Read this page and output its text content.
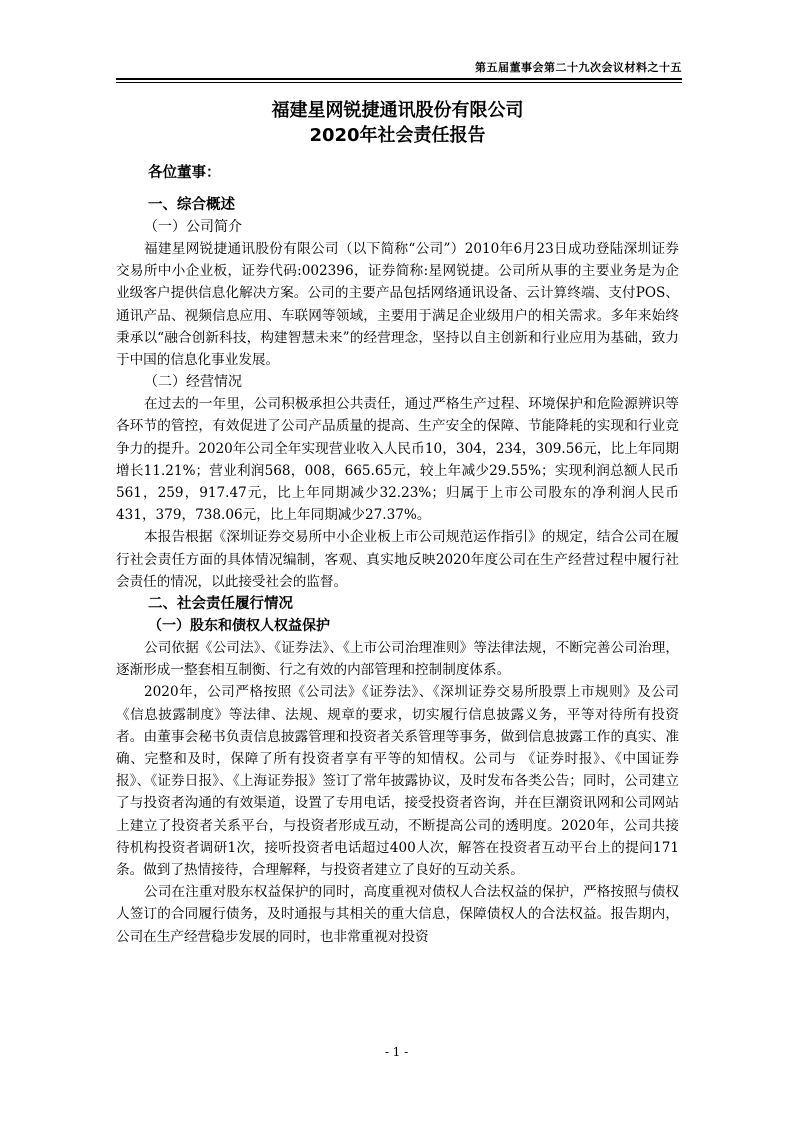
第五届董事会第二十九次会议材料之十五

福建星网锐捷通讯股份有限公司

2020年社会责任报告

各位董事：

一、综合概述

（一）公司简介

福建星网锐捷通讯股份有限公司（以下简称“公司”）2010年6月23日成功登陆深圳证券交易所中小企业板，证券代码:002396，证券简称:星网锐捷。公司所从事的主要业务是为企业级客户提供信息化解决方案。公司的主要产品包括网络通讯设备、云计算终端、支付POS、通讯产品、视频信息应用、车联网等领域，主要用于满足企业级用户的相关需求。多年来始终秉承以“融合创新科技，构建智慧未来”的经营理念，坚持以自主创新和行业应用为基础，致力于中国的信息化事业发展。

（二）经营情况

在过去的一年里，公司积极承担公共责任，通过严格生产过程、环境保护和危险源辨识等各环节的管控，有效促进了公司产品质量的提高、生产安全的保障、节能降耗的实现和行业竞争力的提升。2020年公司全年实现营业收入人民币10，304，234，309.56元，比上年同期增长11.21%；营业利润568，008，665.65元，较上年减少29.55%；实现利润总额人民币561，259，917.47元，比上年同期减少32.23%；归属于上市公司股东的净利润人民币431，379，738.06元，比上年同期减少27.37%。

本报告根据《深圳证券交易所中小企业板上市公司规范运作指引》的规定，结合公司在履行社会责任方面的具体情况编制，客观、真实地反映2020年度公司在生产经营过程中履行社会责任的情况，以此接受社会的监督。

二、社会责任履行情况

（一）股东和债权人权益保护

公司依据《公司法》、《证券法》、《上市公司治理准则》等法律法规，不断完善公司治理，逐渐形成一整套相互制衡、行之有效的内部管理和控制制度体系。

2020年，公司严格按照《公司法》《证券法》、《深圳证券交易所股票上市规则》及公司《信息披露制度》等法律、法规、规章的要求，切实履行信息披露义务，平等对待所有投资者。由董事会秘书负责信息披露管理和投资者关系管理等事务，做到信息披露工作的真实、准确、完整和及时，保障了所有投资者享有平等的知情权。公司与 《证券时报》、《中国证券报》、《证券日报》、《上海证券报》签订了常年披露协议，及时发布各类公告；同时，公司建立了与投资者沟通的有效渠道，设置了专用电话，接受投资者咨询，并在巨潮资讯网和公司网站上建立了投资者关系平台，与投资者形成互动，不断提高公司的透明度。2020年，公司共接待机构投资者调研1次，接听投资者电话超过400人次，解答在投资者互动平台上的提问171条。做到了热情接待，合理解释，与投资者建立了良好的互动关系。

公司在注重对股东权益保护的同时，高度重视对债权人合法权益的保护，严格按照与债权人签订的合同履行债务，及时通报与其相关的重大信息，保障债权人的合法权益。报告期内，公司在生产经营稳步发展的同时，也非常重视对投资

- 1 -
